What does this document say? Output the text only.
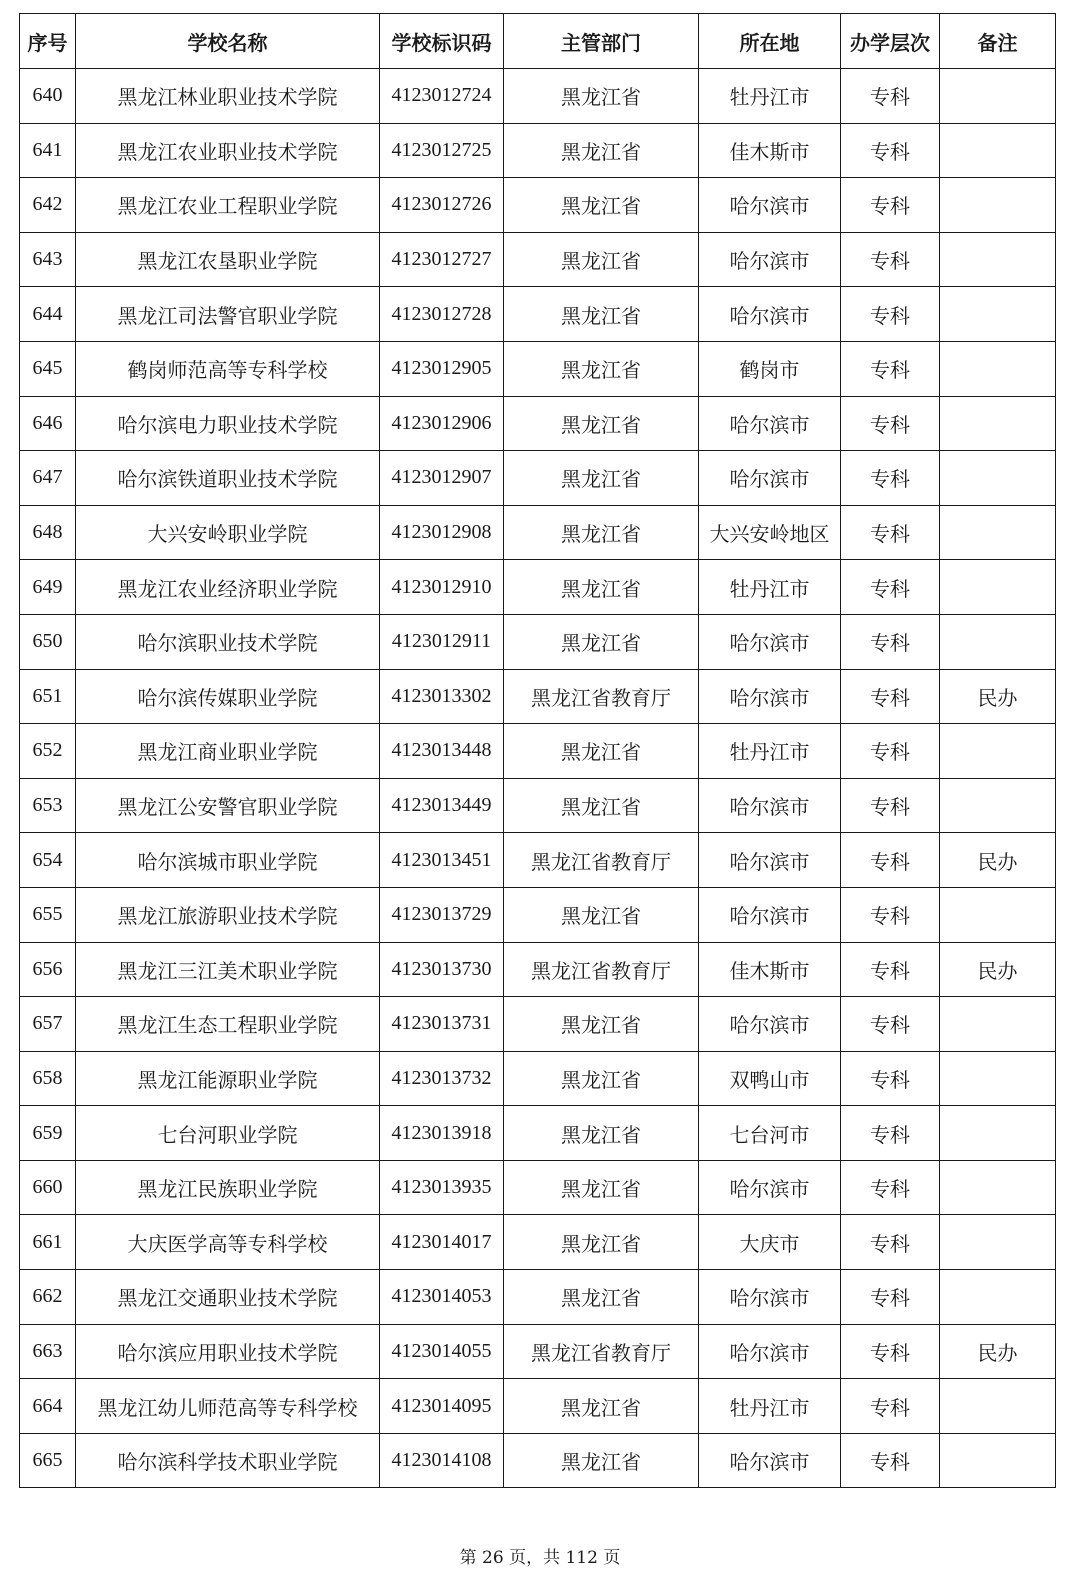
序号	学校名称	学校标识码	主管部门	所在地	办学层次	备注
640	黑龙江林业职业技术学院	4123012724	黑龙江省	牡丹江市	专科	
641	黑龙江农业职业技术学院	4123012725	黑龙江省	佳木斯市	专科	
642	黑龙江农业工程职业学院	4123012726	黑龙江省	哈尔滨市	专科	
643	黑龙江农垦职业学院	4123012727	黑龙江省	哈尔滨市	专科	
644	黑龙江司法警官职业学院	4123012728	黑龙江省	哈尔滨市	专科	
645	鹤岗师范高等专科学校	4123012905	黑龙江省	鹤岗市	专科	
646	哈尔滨电力职业技术学院	4123012906	黑龙江省	哈尔滨市	专科	
647	哈尔滨铁道职业技术学院	4123012907	黑龙江省	哈尔滨市	专科	
648	大兴安岭职业学院	4123012908	黑龙江省	大兴安岭地区	专科	
649	黑龙江农业经济职业学院	4123012910	黑龙江省	牡丹江市	专科	
650	哈尔滨职业技术学院	4123012911	黑龙江省	哈尔滨市	专科	
651	哈尔滨传媒职业学院	4123013302	黑龙江省教育厅	哈尔滨市	专科	民办
652	黑龙江商业职业学院	4123013448	黑龙江省	牡丹江市	专科	
653	黑龙江公安警官职业学院	4123013449	黑龙江省	哈尔滨市	专科	
654	哈尔滨城市职业学院	4123013451	黑龙江省教育厅	哈尔滨市	专科	民办
655	黑龙江旅游职业技术学院	4123013729	黑龙江省	哈尔滨市	专科	
656	黑龙江三江美术职业学院	4123013730	黑龙江省教育厅	佳木斯市	专科	民办
657	黑龙江生态工程职业学院	4123013731	黑龙江省	哈尔滨市	专科	
658	黑龙江能源职业学院	4123013732	黑龙江省	双鸭山市	专科	
659	七台河职业学院	4123013918	黑龙江省	七台河市	专科	
660	黑龙江民族职业学院	4123013935	黑龙江省	哈尔滨市	专科	
661	大庆医学高等专科学校	4123014017	黑龙江省	大庆市	专科	
662	黑龙江交通职业技术学院	4123014053	黑龙江省	哈尔滨市	专科	
663	哈尔滨应用职业技术学院	4123014055	黑龙江省教育厅	哈尔滨市	专科	民办
664	黑龙江幼儿师范高等专科学校	4123014095	黑龙江省	牡丹江市	专科	
665	哈尔滨科学技术职业学院	4123014108	黑龙江省	哈尔滨市	专科	
第 26 页，共 112 页
